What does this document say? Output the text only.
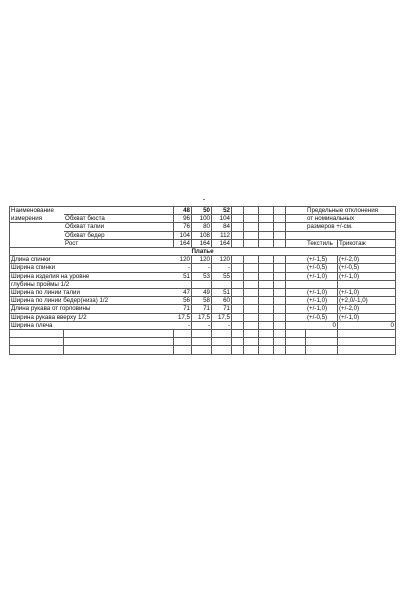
Наименование		48	50	52						Предельные отклонения	
измерения	Обхват бюста	96	100	104						от номинальных	
	Обхват талии	76	80	84						размеров +/-см.	
	Обхват бедер	104	108	112							
	Рост	164	164	164						Текстиль	Трикотаж
Платье											
Длина спинки		120	120	120						(+/-1,5)	(+/-2,0)
Ширина спинки		-	-	-						(+/-0,5)	(+/-0,5)
Ширина изделия на уровне		51	53	55						(+/-1,0)	(+/-1,0)
глубины проймы 1/2											
Ширина по линии талии		47	49	51						(+/-1,0)	(+/-1,0)
Ширина по линии бедер(низа) 1/2		56	58	60						(+/-1,0)	(+2,0/-1,0)
Длина рукава от горловины		71	71	71						(+/-1,0)	(+/-2,0)
Ширина рукава вверху 1/2		17,5	17,5	17,5						(+/-0,5)	(+/-1,0)
Ширина плеча		-	-	-						0	0
